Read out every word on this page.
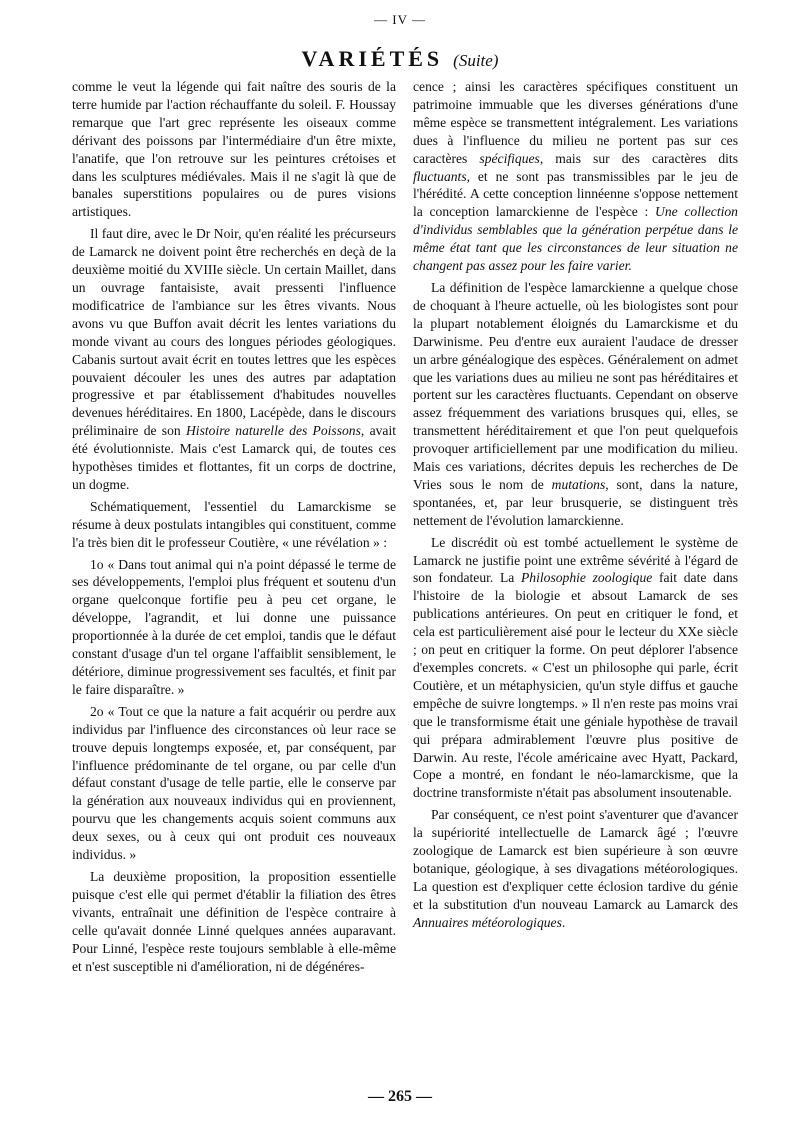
— IV —
VARIÉTÉS (Suite)

comme le veut la légende qui fait naître des souris de la terre humide par l'action réchauffante du soleil. F. Houssay remarque que l'art grec représente les oiseaux comme dérivant des poissons par l'intermédiaire d'un être mixte, l'anatife, que l'on retrouve sur les peintures crétoises et dans les sculptures médiévales. Mais il ne s'agit là que de banales superstitions populaires ou de pures visions artistiques.

Il faut dire, avec le Dr Noir, qu'en réalité les précurseurs de Lamarck ne doivent point être recherchés en deçà de la deuxième moitié du XVIIIe siècle. Un certain Maillet, dans un ouvrage fantaisiste, avait pressenti l'influence modificatrice de l'ambiance sur les êtres vivants. Nous avons vu que Buffon avait décrit les lentes variations du monde vivant au cours des longues périodes géologiques. Cabanis surtout avait écrit en toutes lettres que les espèces pouvaient découler les unes des autres par adaptation progressive et par établissement d'habitudes nouvelles devenues héréditaires. En 1800, Lacépède, dans le discours préliminaire de son Histoire naturelle des Poissons, avait été évolutionniste. Mais c'est Lamarck qui, de toutes ces hypothèses timides et flottantes, fit un corps de doctrine, un dogme.

Schématiquement, l'essentiel du Lamarckisme se résume à deux postulats intangibles qui constituent, comme l'a très bien dit le professeur Coutière, « une révélation » :

1o « Dans tout animal qui n'a point dépassé le terme de ses développements, l'emploi plus fréquent et soutenu d'un organe quelconque fortifie peu à peu cet organe, le développe, l'agrandit, et lui donne une puissance proportionnée à la durée de cet emploi, tandis que le défaut constant d'usage d'un tel organe l'affaiblit sensiblement, le détériore, diminue progressivement ses facultés, et finit par le faire disparaître. »

2o « Tout ce que la nature a fait acquérir ou perdre aux individus par l'influence des circonstances où leur race se trouve depuis longtemps exposée, et, par conséquent, par l'influence prédominante de tel organe, ou par celle d'un défaut constant d'usage de telle partie, elle le conserve par la génération aux nouveaux individus qui en proviennent, pourvu que les changements acquis soient communs aux deux sexes, ou à ceux qui ont produit ces nouveaux individus. »

La deuxième proposition, la proposition essentielle puisque c'est elle qui permet d'établir la filiation des êtres vivants, entraînait une définition de l'espèce contraire à celle qu'avait donnée Linné quelques années auparavant. Pour Linné, l'espèce reste toujours semblable à elle-même et n'est susceptible ni d'amélioration, ni de dégénéres-

cence ; ainsi les caractères spécifiques constituent un patrimoine immuable que les diverses générations d'une même espèce se transmettent intégralement. Les variations dues à l'influence du milieu ne portent pas sur ces caractères spécifiques, mais sur des caractères dits fluctuants, et ne sont pas transmissibles par le jeu de l'hérédité. A cette conception linnéenne s'oppose nettement la conception lamarckienne de l'espèce : Une collection d'individus semblables que la génération perpétue dans le même état tant que les circonstances de leur situation ne changent pas assez pour les faire varier.

La définition de l'espèce lamarckienne a quelque chose de choquant à l'heure actuelle, où les biologistes sont pour la plupart notablement éloignés du Lamarckisme et du Darwinisme. Peu d'entre eux auraient l'audace de dresser un arbre généalogique des espèces. Généralement on admet que les variations dues au milieu ne sont pas héréditaires et portent sur les caractères fluctuants. Cependant on observe assez fréquemment des variations brusques qui, elles, se transmettent héréditairement et que l'on peut quelquefois provoquer artificiellement par une modification du milieu. Mais ces variations, décrites depuis les recherches de De Vries sous le nom de mutations, sont, dans la nature, spontanées, et, par leur brusquerie, se distinguent très nettement de l'évolution lamarckienne.

Le discrédit où est tombé actuellement le système de Lamarck ne justifie point une extrême sévérité à l'égard de son fondateur. La Philosophie zoologique fait date dans l'histoire de la biologie et absout Lamarck de ses publications antérieures. On peut en critiquer le fond, et cela est particulièrement aisé pour le lecteur du XXe siècle ; on peut en critiquer la forme. On peut déplorer l'absence d'exemples concrets. « C'est un philosophe qui parle, écrit Coutière, et un métaphysicien, qu'un style diffus et gauche empêche de suivre longtemps. » Il n'en reste pas moins vrai que le transformisme était une géniale hypothèse de travail qui prépara admirablement l'œuvre plus positive de Darwin. Au reste, l'école américaine avec Hyatt, Packard, Cope a montré, en fondant le néo-lamarckisme, que la doctrine transformiste n'était pas absolument insoutenable.

Par conséquent, ce n'est point s'aventurer que d'avancer la supériorité intellectuelle de Lamarck âgé ; l'œuvre zoologique de Lamarck est bien supérieure à son œuvre botanique, géologique, à ses divagations météorologiques. La question est d'expliquer cette éclosion tardive du génie et la substitution d'un nouveau Lamarck au Lamarck des Annuaires météorologiques.

— 265 —
